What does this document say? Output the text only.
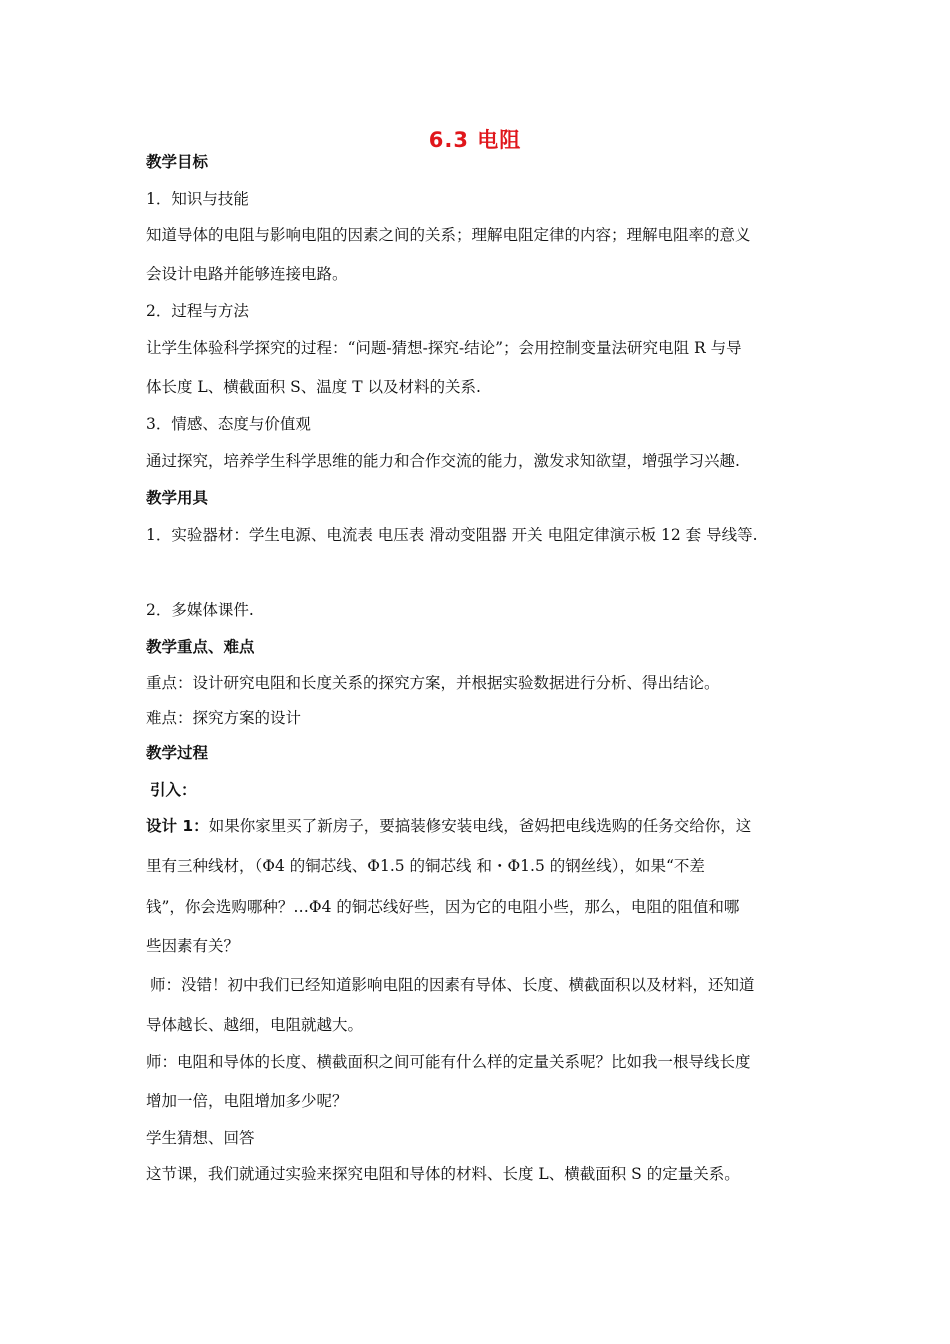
6.3 电阻
教学目标
1．知识与技能
知道导体的电阻与影响电阻的因素之间的关系；理解电阻定律的内容；理解电阻率的意义
会设计电路并能够连接电路。
2．过程与方法
让学生体验科学探究的过程：“问题-猜想-探究-结论”；会用控制变量法研究电阻 R 与导
体长度 L、横截面积 S、温度 T 以及材料的关系.
3．情感、态度与价值观
通过探究，培养学生科学思维的能力和合作交流的能力，激发求知欲望，增强学习兴趣.
教学用具
1．实验器材：学生电源、电流表 电压表 滑动变阻器 开关 电阻定律演示板 12 套 导线等.
2．多媒体课件.
教学重点、难点
重点：设计研究电阻和长度关系的探究方案，并根据实验数据进行分析、得出结论。
难点：探究方案的设计
教学过程
引入：
设计 1：如果你家里买了新房子，要搞装修安装电线，爸妈把电线选购的任务交给你，这
里有三种线材，（Φ4 的铜芯线、Φ1.5 的铜芯线 和・Φ1.5 的钢丝线），如果“不差
钱”，你会选购哪种？…Φ4 的铜芯线好些，因为它的电阻小些，那么，电阻的阻值和哪
些因素有关？
师：没错！初中我们已经知道影响电阻的因素有导体、长度、横截面积以及材料，还知道
导体越长、越细，电阻就越大。
师：电阻和导体的长度、横截面积之间可能有什么样的定量关系呢？比如我一根导线长度
增加一倍，电阻增加多少呢？
学生猜想、回答
这节课，我们就通过实验来探究电阻和导体的材料、长度 L、横截面积 S 的定量关系。
